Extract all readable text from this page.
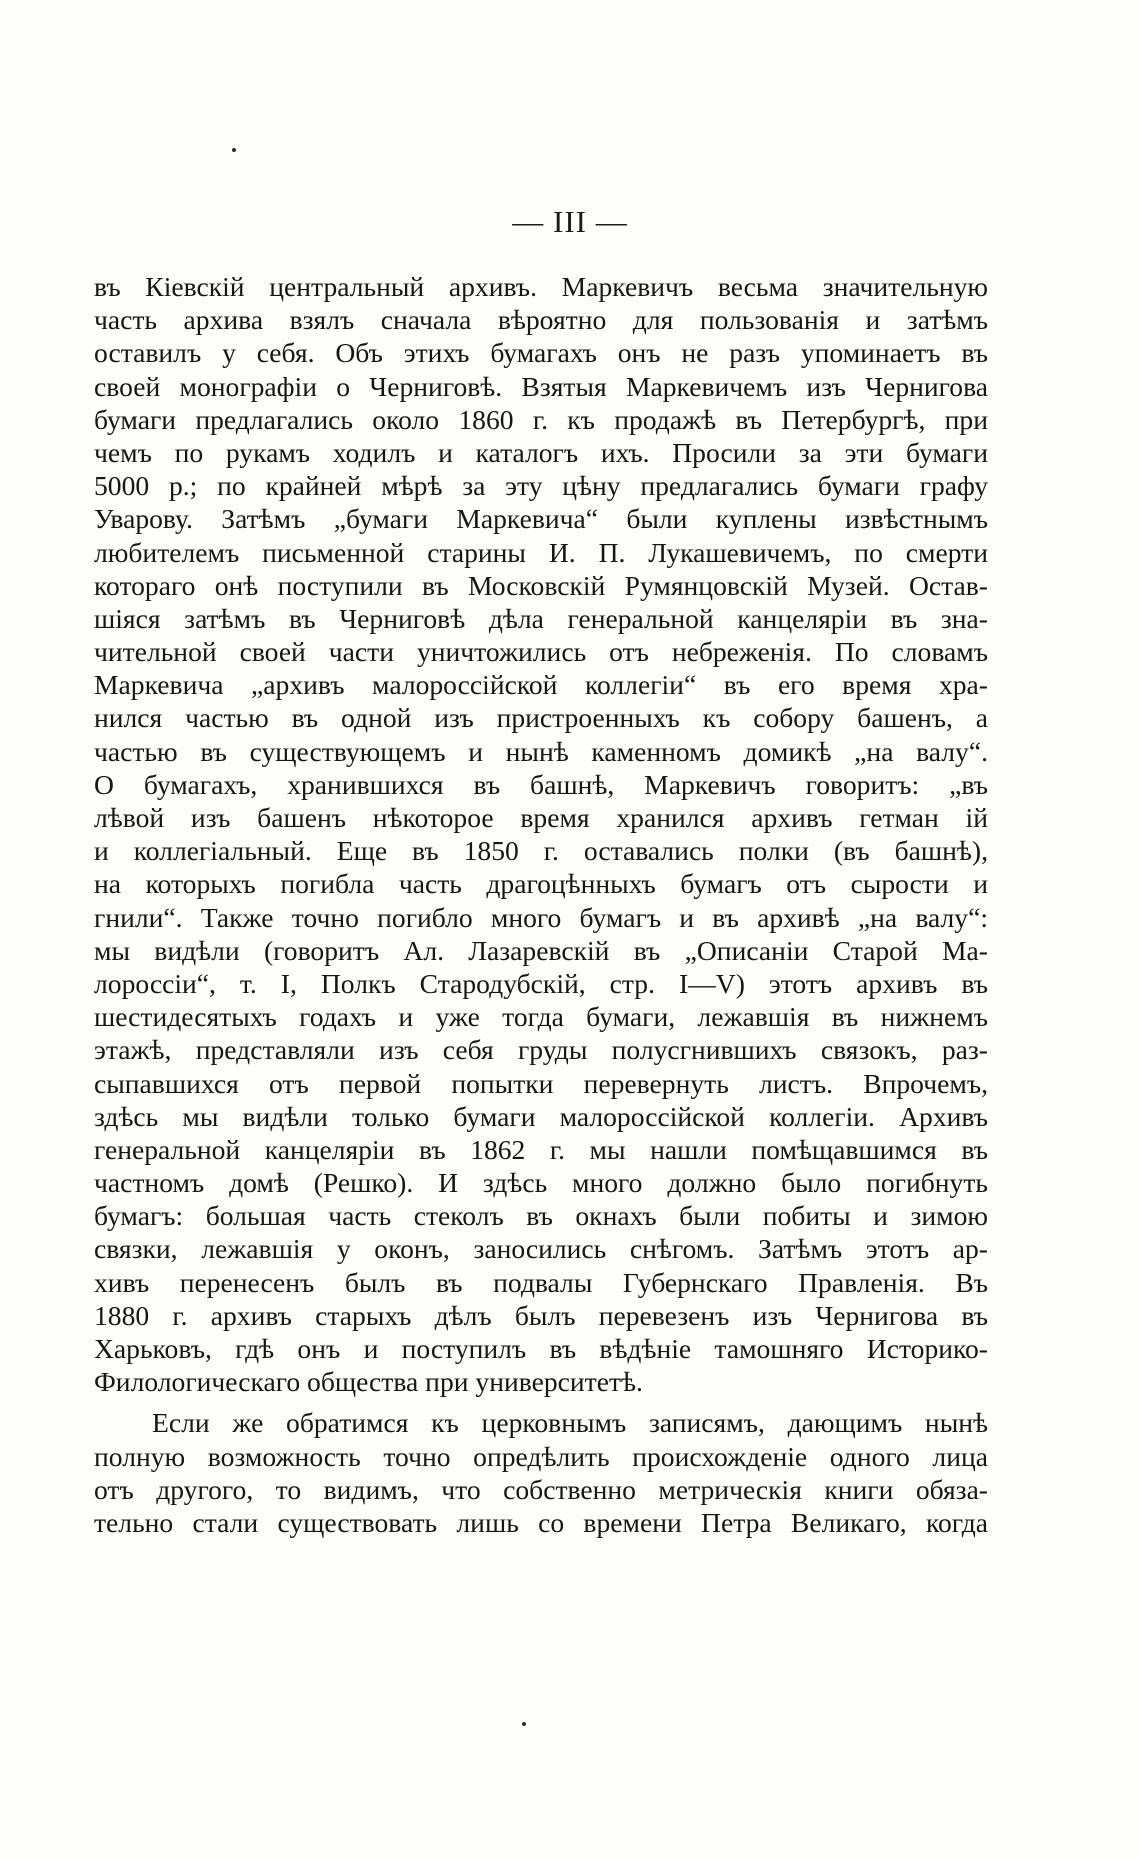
— III —
въ Кіевскій центральный архивъ. Маркевичъ весьма значительную
часть архива взялъ сначала вѣроятно для пользованія и затѣмъ
оставилъ у себя. Объ этихъ бумагахъ онъ не разъ упоминаетъ въ
своей монографіи о Черниговѣ. Взятыя Маркевичемъ изъ Чернигова
бумаги предлагались около 1860 г. къ продажѣ въ Петербургѣ, при
чемъ по рукамъ ходилъ и каталогъ ихъ. Просили за эти бумаги
5000 р.; по крайней мѣрѣ за эту цѣну предлагались бумаги графу
Уварову. Затѣмъ „бумаги Маркевича“ были куплены извѣстнымъ
любителемъ письменной старины И. П. Лукашевичемъ, по смерти
котораго онѣ поступили въ Московскій Румянцовскій Музей. Остав-
шіяся затѣмъ въ Черниговѣ дѣла генеральной канцеляріи въ зна-
чительной своей части уничтожились отъ небреженія. По словамъ
Маркевича „архивъ малороссійской коллегіи“ въ его время хра-
нился частью въ одной изъ пристроенныхъ къ собору башенъ, а
частью въ существующемъ и нынѣ каменномъ домикѣ „на валу“.
О бумагахъ, хранившихся въ башнѣ, Маркевичъ говоритъ: „въ
лѣвой изъ башенъ нѣкоторое время хранился архивъ гетман ій
и коллегіальный. Еще въ 1850 г. оставались полки (въ башнѣ),
на которыхъ погибла часть драгоцѣнныхъ бумагъ отъ сырости и
гнили“. Также точно погибло много бумагъ и въ архивѣ „на валу“:
мы видѣли (говоритъ Ал. Лазаревскій въ „Описаніи Старой Ма-
лороссіи“, т. I, Полкъ Стародубскій, стр. I—V) этотъ архивъ въ
шестидесятыхъ годахъ и уже тогда бумаги, лежавшія въ нижнемъ
этажѣ, представляли изъ себя груды полусгнившихъ связокъ, раз-
сыпавшихся отъ первой попытки перевернуть листъ. Впрочемъ,
здѣсь мы видѣли только бумаги малороссійской коллегіи. Архивъ
генеральной канцеляріи въ 1862 г. мы нашли помѣщавшимся въ
частномъ домѣ (Решко). И здѣсь много должно было погибнуть
бумагъ: большая часть стеколъ въ окнахъ были побиты и зимою
связки, лежавшія у оконъ, заносились снѣгомъ. Затѣмъ этотъ ар-
хивъ перенесенъ былъ въ подвалы Губернскаго Правленія. Въ
1880 г. архивъ старыхъ дѣлъ былъ перевезенъ изъ Чернигова въ
Харьковъ, гдѣ онъ и поступилъ въ вѣдѣніе тамошняго Историко-
Филологическаго общества при университетѣ.
Если же обратимся къ церковнымъ записямъ, дающимъ нынѣ
полную возможность точно опредѣлить происхожденіе одного лица
отъ другого, то видимъ, что собственно метрическія книги обяза-
тельно стали существовать лишь со времени Петра Великаго, когда
